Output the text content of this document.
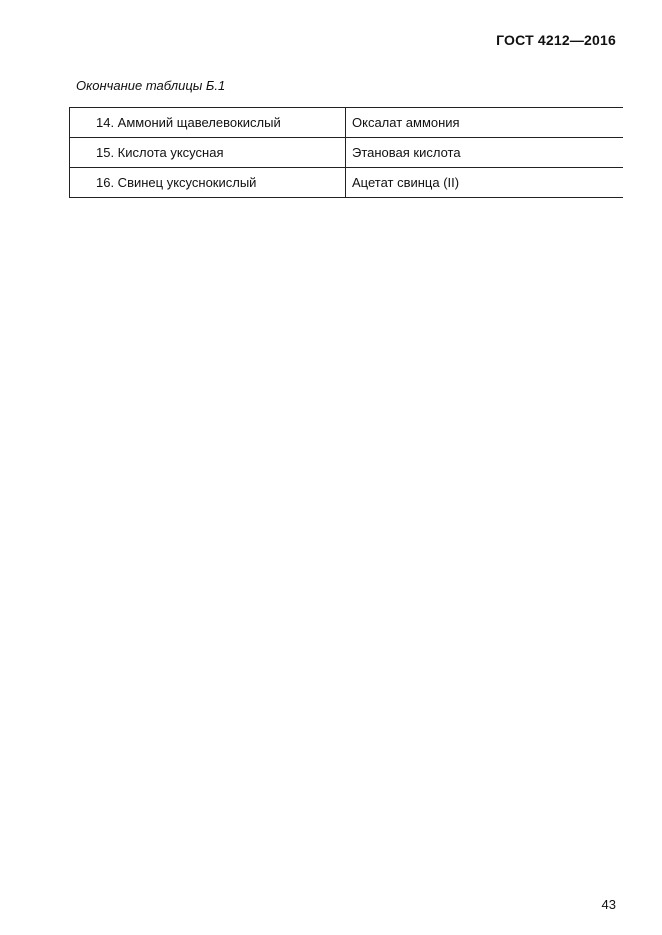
ГОСТ 4212—2016
Окончание таблицы Б.1
14. Аммоний щавелевокислый	Оксалат аммония
15. Кислота уксусная	Этановая кислота
16. Свинец уксуснокислый	Ацетат свинца (II)
43
